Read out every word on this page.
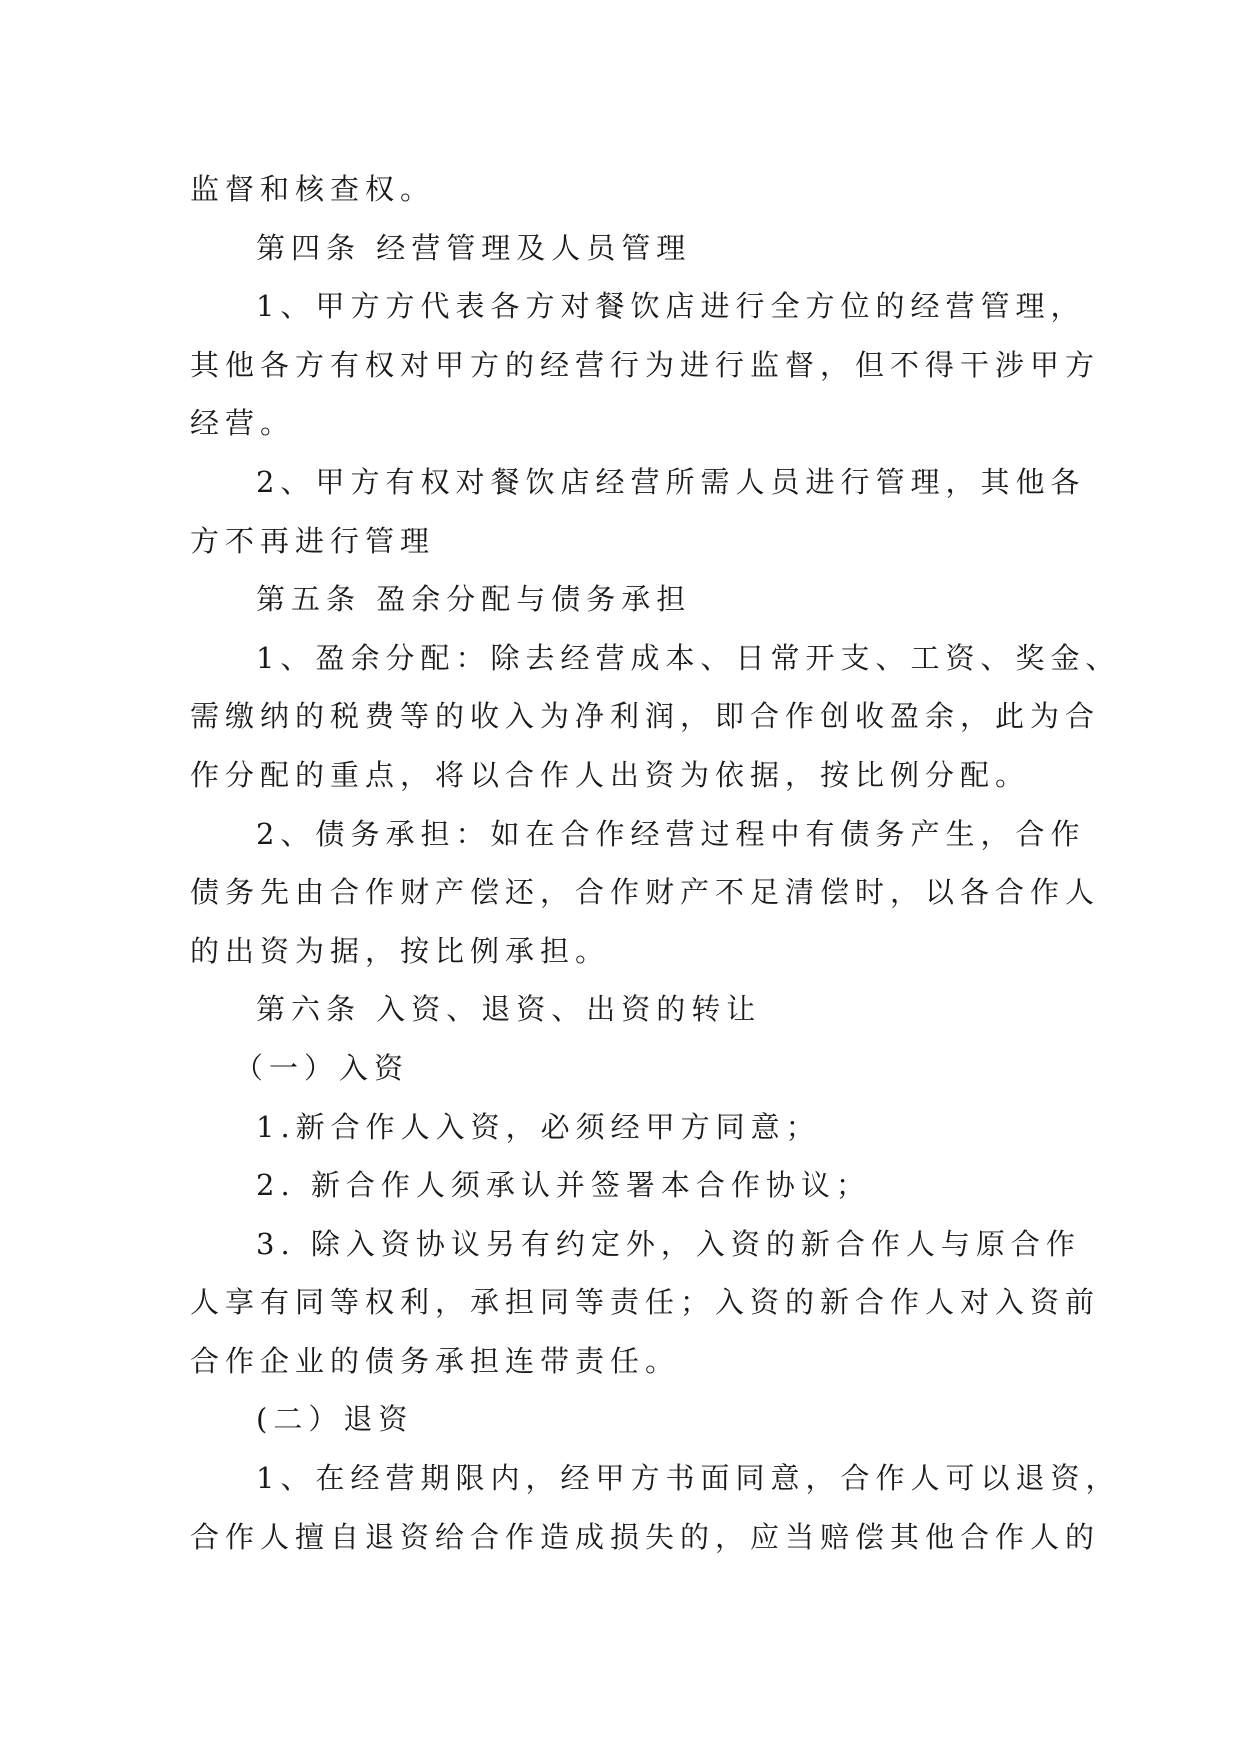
监督和核查权。
第四条 经营管理及人员管理
1、甲方方代表各方对餐饮店进行全方位的经营管理，
其他各方有权对甲方的经营行为进行监督，但不得干涉甲方
经营。
2、甲方有权对餐饮店经营所需人员进行管理，其他各
方不再进行管理
第五条 盈余分配与债务承担
1、盈余分配：除去经营成本、日常开支、工资、奖金、
需缴纳的税费等的收入为净利润，即合作创收盈余，此为合
作分配的重点，将以合作人出资为依据，按比例分配。
2、债务承担：如在合作经营过程中有债务产生，合作
债务先由合作财产偿还，合作财产不足清偿时，以各合作人
的出资为据，按比例承担。
第六条 入资、退资、出资的转让
（一）入资
1.新合作人入资，必须经甲方同意；
2. 新合作人须承认并签署本合作协议；
3. 除入资协议另有约定外，入资的新合作人与原合作
人享有同等权利，承担同等责任；入资的新合作人对入资前
合作企业的债务承担连带责任。
(二）退资
1、在经营期限内，经甲方书面同意，合作人可以退资，
合作人擅自退资给合作造成损失的，应当赔偿其他合作人的
